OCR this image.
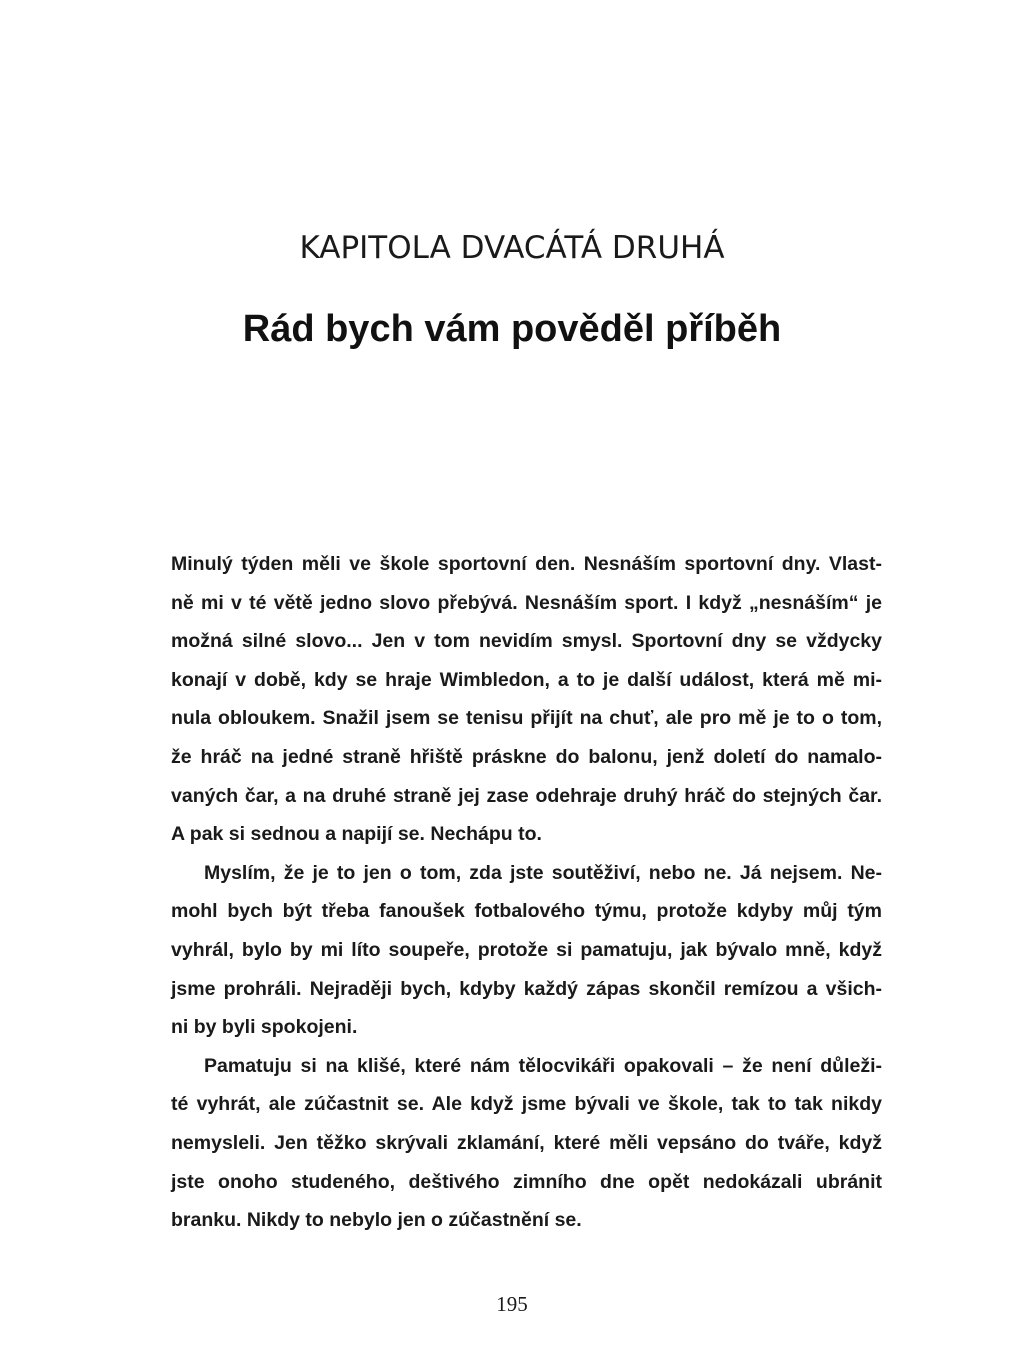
KAPITOLA DVACÁTÁ DRUHÁ
Rád bych vám pověděl příběh
Minulý týden měli ve škole sportovní den. Nesnáším sportovní dny. Vlast-
ně mi v té větě jedno slovo přebývá. Nesnáším sport. I když „nesnáším“ je
možná silné slovo... Jen v tom nevidím smysl. Sportovní dny se vždycky
konají v době, kdy se hraje Wimbledon, a to je další událost, která mě mi-
nula obloukem. Snažil jsem se tenisu přijít na chuť, ale pro mě je to o tom,
že hráč na jedné straně hřiště práskne do balonu, jenž doletí do namalo-
vaných čar, a na druhé straně jej zase odehraje druhý hráč do stejných čar.
A pak si sednou a napijí se. Nechápu to.
Myslím, že je to jen o tom, zda jste soutěživí, nebo ne. Já nejsem. Ne-
mohl bych být třeba fanoušek fotbalového týmu, protože kdyby můj tým
vyhrál, bylo by mi líto soupeře, protože si pamatuju, jak bývalo mně, když
jsme prohráli. Nejraději bych, kdyby každý zápas skončil remízou a všich-
ni by byli spokojeni.
Pamatuju si na klišé, které nám tělocvikáři opakovali – že není důleži-
té vyhrát, ale zúčastnit se. Ale když jsme bývali ve škole, tak to tak nikdy
nemysleli. Jen těžko skrývali zklamání, které měli vepsáno do tváře, když
jste onoho studeného, deštivého zimního dne opět nedokázali ubránit
branku. Nikdy to nebylo jen o zúčastnění se.
195
